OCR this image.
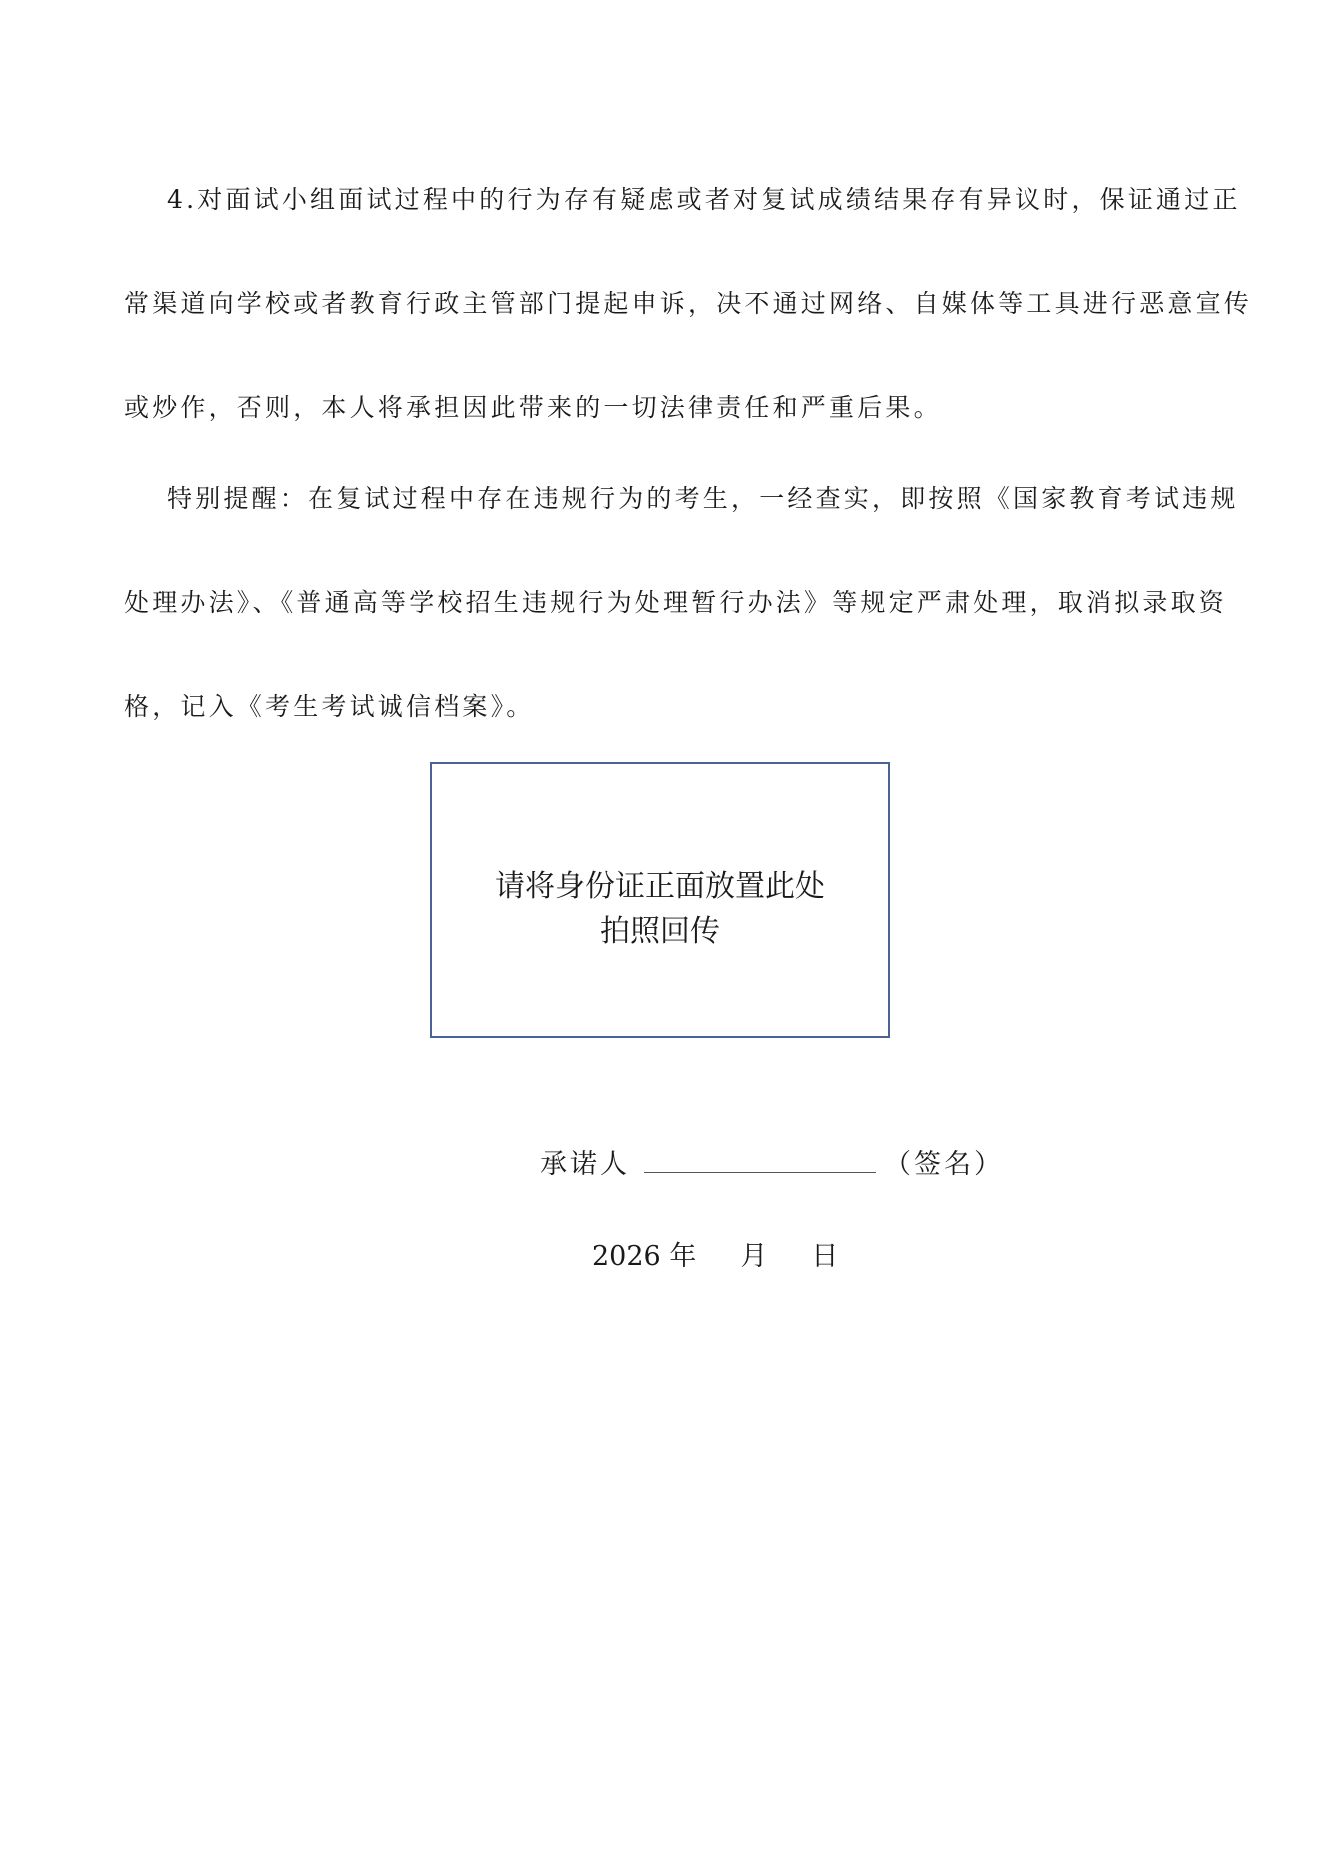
4.对面试小组面试过程中的行为存有疑虑或者对复试成绩结果存有异议时，保证通过正
常渠道向学校或者教育行政主管部门提起申诉，决不通过网络、自媒体等工具进行恶意宣传
或炒作，否则，本人将承担因此带来的一切法律责任和严重后果。
特别提醒：在复试过程中存在违规行为的考生，一经查实，即按照《国家教育考试违规
处理办法》、《普通高等学校招生违规行为处理暂行办法》等规定严肃处理，取消拟录取资
格，记入《考生考试诚信档案》。
请将身份证正面放置此处
拍照回传
承诺人	（签名）
2026 年 月 日
